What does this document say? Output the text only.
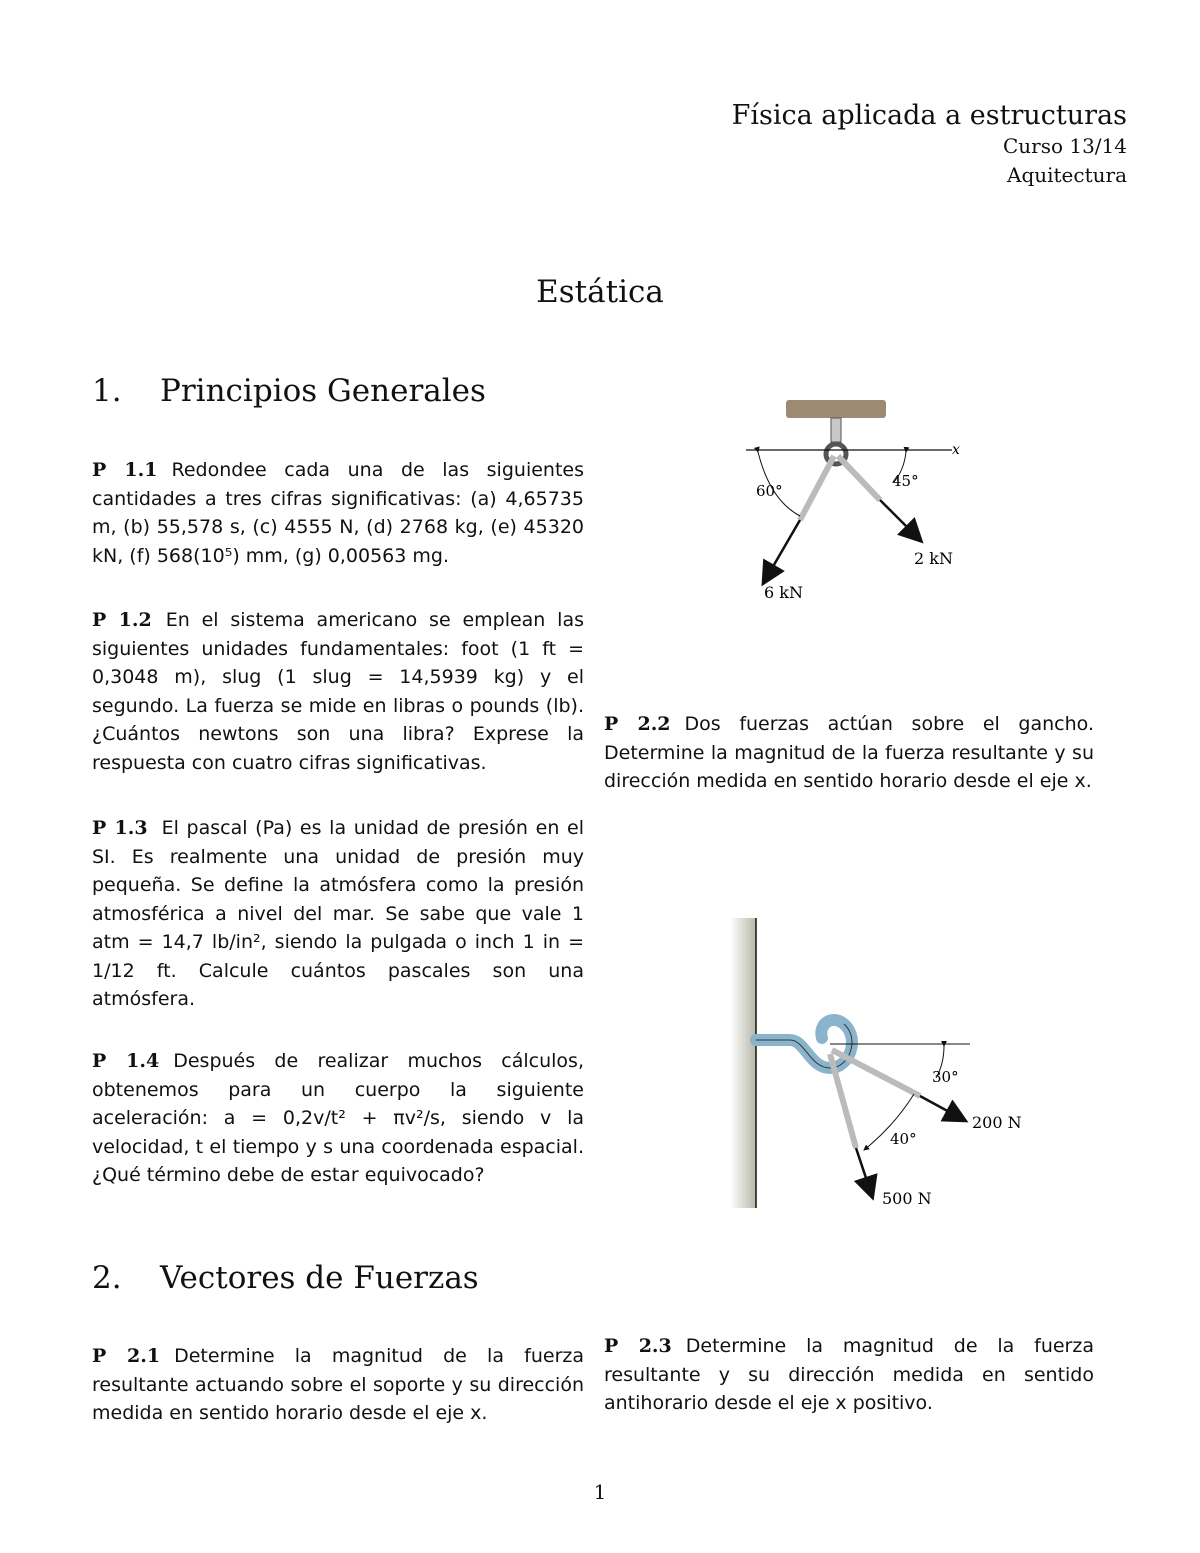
Física aplicada a estructuras
Curso 13/14
Aquitectura
Estática
1. Principios Generales
P 1.1 Redondee cada una de las siguientes cantidades a tres cifras significativas: (a) 4,65735 m, (b) 55,578 s, (c) 4555 N, (d) 2768 kg, (e) 45320 kN, (f) 568(10⁵) mm, (g) 0,00563 mg.
P 1.2 En el sistema americano se emplean las siguientes unidades fundamentales: foot (1 ft = 0,3048 m), slug (1 slug = 14,5939 kg) y el segundo. La fuerza se mide en libras o pounds (lb). ¿Cuántos newtons son una libra? Exprese la respuesta con cuatro cifras significativas.
P 1.3 El pascal (Pa) es la unidad de presión en el SI. Es realmente una unidad de presión muy pequeña. Se define la atmósfera como la presión atmosférica a nivel del mar. Se sabe que vale 1 atm = 14,7 lb/in², siendo la pulgada o inch 1 in = 1/12 ft. Calcule cuántos pascales son una atmósfera.
P 1.4 Después de realizar muchos cálculos, obtenemos para un cuerpo la siguiente aceleración: a = 0,2v/t² + πv²/s, siendo v la velocidad, t el tiempo y s una coordenada espacial. ¿Qué término debe de estar equivocado?
2. Vectores de Fuerzas
P 2.1 Determine la magnitud de la fuerza resultante actuando sobre el soporte y su dirección medida en sentido horario desde el eje x.
P 2.2 Dos fuerzas actúan sobre el gancho. Determine la magnitud de la fuerza resultante y su dirección medida en sentido horario desde el eje x.
P 2.3 Determine la magnitud de la fuerza resultante y su dirección medida en sentido antihorario desde el eje x positivo.
x
60°
45°
2 kN
6 kN
30°
40°
200 N
500 N
1
